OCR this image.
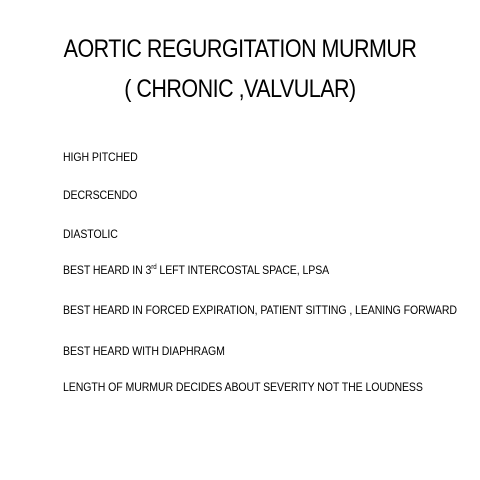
AORTIC REGURGITATION MURMUR
( CHRONIC ,VALVULAR)
HIGH PITCHED
DECRSCENDO
DIASTOLIC
BEST HEARD IN 3rd LEFT INTERCOSTAL SPACE, LPSA
BEST HEARD IN FORCED EXPIRATION, PATIENT SITTING , LEANING FORWARD
BEST HEARD WITH DIAPHRAGM
LENGTH OF MURMUR DECIDES ABOUT SEVERITY NOT THE LOUDNESS
